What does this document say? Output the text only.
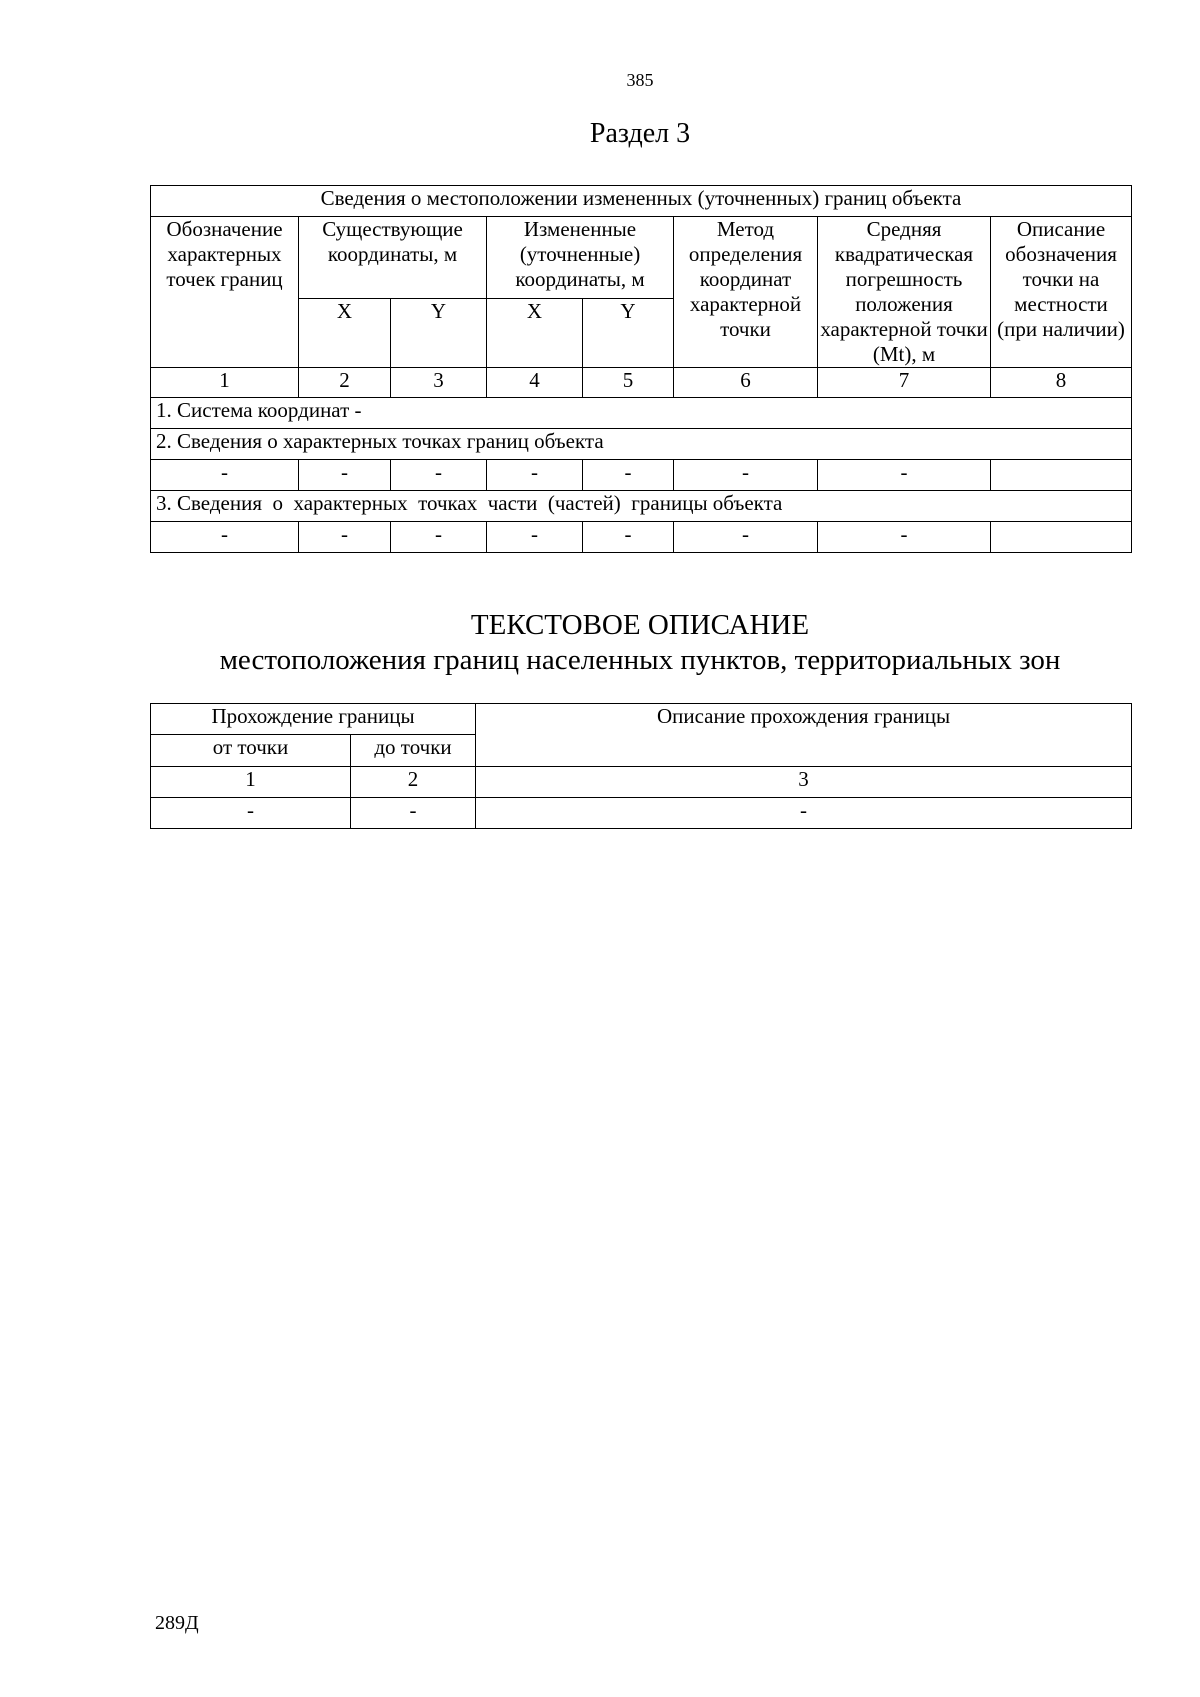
385
Раздел 3
Сведения о местоположении измененных (уточненных) границ объекта							
Обозначение характерных точек границ	Существующие координаты, м		Измененные (уточненные) координаты, м		Метод определения координат характерной точки	Средняя квадратическая погрешность положения характерной точки (Mt), м	Описание обозначения точки на местности (при наличии)
	X	Y	X	Y			
1	2	3	4	5	6	7	8
1. Система координат -							
2. Сведения о характерных точках границ объекта							
-	-	-	-	-	-	-	
3. Сведения  о  характерных  точках  части  (частей)  границы объекта							
-	-	-	-	-	-	-	
ТЕКСТОВОЕ ОПИСАНИЕ
местоположения границ населенных пунктов, территориальных зон
Прохождение границы		Описание прохождения границы
от точки	до точки	
1	2	3
-	-	-
289Д
